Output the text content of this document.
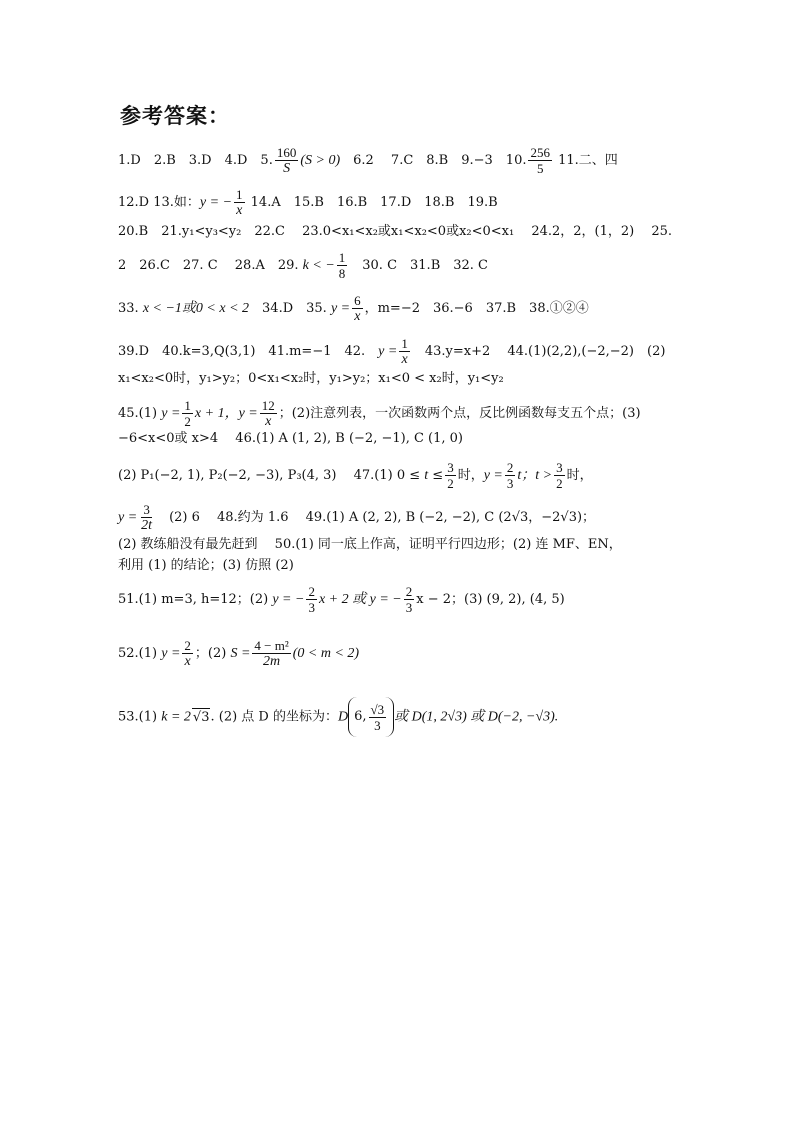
参考答案：
1.D　2.B　3.D　4.D　5. $\frac{160}{S} (S > 0)$　6.2　 7.C　8.B　9.−3　10. $\frac{256}{5} 11$.二、四
12.D 13.如：y = − $\frac{1}{x} 14.A$　15.B　16.B　17.D　18.B　19.B
20.B　21.y₁<y₃<y₂　22.C　 23.0<x₁<x₂或x₁<x₂<0或x₂<0<x₁　 24.2，2，(1，2)　 25.
2　26.C　27. C　 28.A　29. k < − $\frac{1}{8}$ 　30. C　31.B　32. C
33. x < −1或0 < x < 2　34.D　35. $y = \frac{6}{x}$ ，m=−2　36.−6　37.B　38.①②④
39.D　40.k=3,Q(3,1)　41.m=−1　42.　$y = \frac{1}{x}$ 　43.y=x+2　 44.(1)(2,2),(−2,−2)　(2)
x₁<x₂<0时，y₁>y₂；0<x₁<x₂时，y₁>y₂；x₁<0 < x₂时，y₁<y₂
45.(1) $y = \frac{1}{2}$ x + 1，$y = \frac{12}{x}$ ；(2)注意列表，一次函数两个点，反比例函数每支五个点；(3)
−6<x<0或 x>4　 46.(1) A (1, 2), B (−2, −1), C (1, 0)
(2) P₁(−2, 1), P₂(−2, −3), P₃(4, 3)　 47.(1) $0 \le t \le \frac{3}{2}$ 时，$y = \frac{2}{3}$ t；$t > \frac{3}{2}$ 时，
$y = \frac{3}{2t}$ 　(2) 6　 48.约为 1.6　 49.(1) A (2, 2), B (−2, −2), C (2√3，−2√3)；
(2) 教练船没有最先赶到　 50.(1) 同一底上作高，证明平行四边形；(2) 连 MF、EN，
利用 (1) 的结论；(3) 仿照 (2)
51.(1) m=3, h=12；(2) y = − $\frac{2}{3}$ x + 2 或 y = − $\frac{2}{3}$ x − 2；(3) (9, 2), (4, 5)
52.(1) $y = \frac{2}{x}$ ；(2) $S = \frac{\text{4 − m²}}{2m} (0 < m < 2)$
53.(1) k = 2 √3. (2) 点 D 的坐标为：D 6, $\frac{√3}{3}$ 或 D(1, 2√3) 或 D(−2, −√3).
